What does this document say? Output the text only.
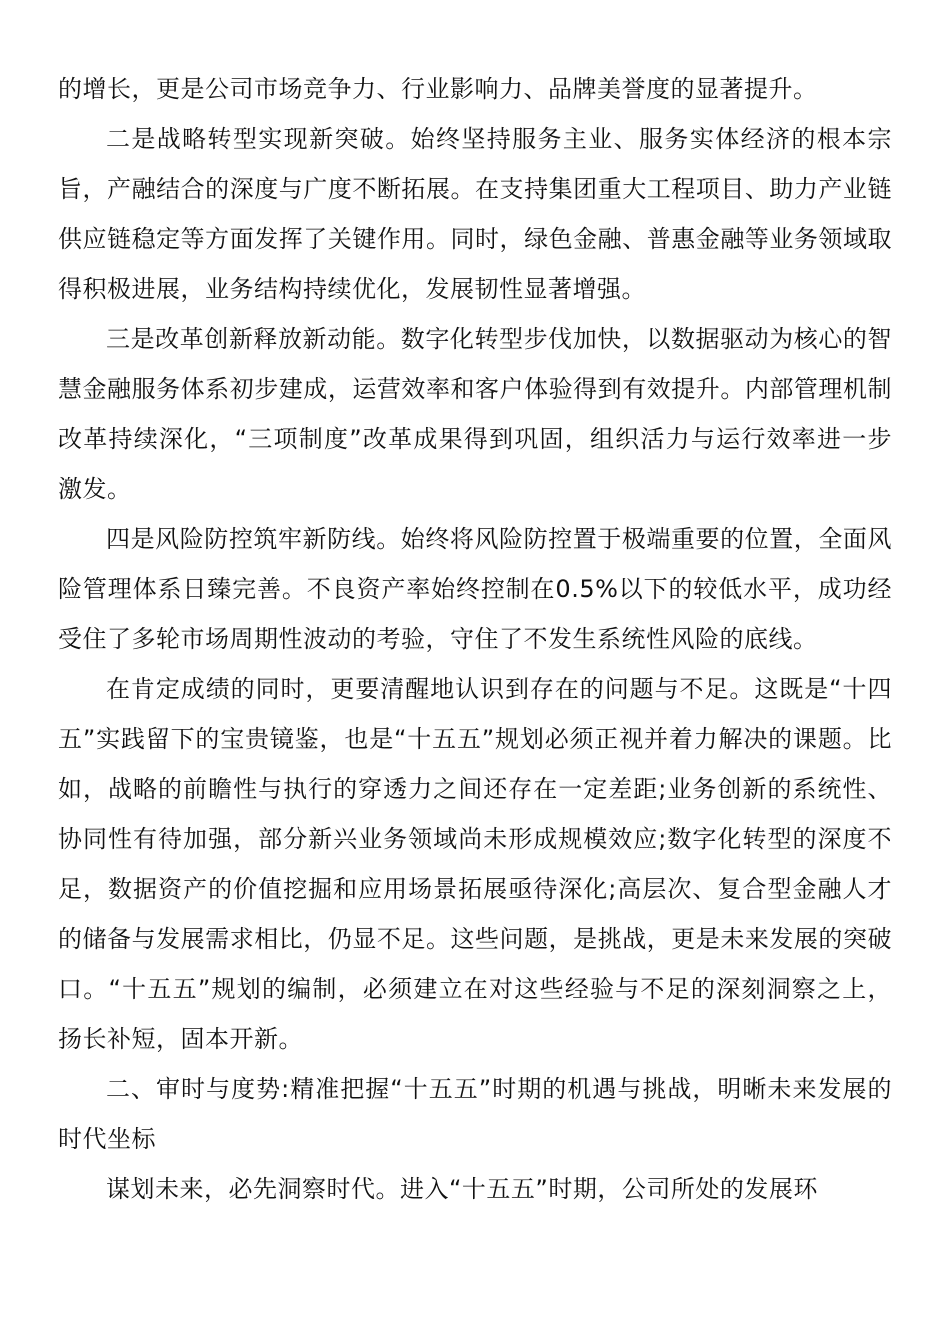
的增长，更是公司市场竞争力、行业影响力、品牌美誉度的显著提升。

二是战略转型实现新突破。始终坚持服务主业、服务实体经济的根本宗旨，产融结合的深度与广度不断拓展。在支持集团重大工程项目、助力产业链供应链稳定等方面发挥了关键作用。同时，绿色金融、普惠金融等业务领域取得积极进展，业务结构持续优化，发展韧性显著增强。

三是改革创新释放新动能。数字化转型步伐加快，以数据驱动为核心的智慧金融服务体系初步建成，运营效率和客户体验得到有效提升。内部管理机制改革持续深化，“三项制度”改革成果得到巩固，组织活力与运行效率进一步激发。

四是风险防控筑牢新防线。始终将风险防控置于极端重要的位置，全面风险管理体系日臻完善。不良资产率始终控制在0.5%以下的较低水平，成功经受住了多轮市场周期性波动的考验，守住了不发生系统性风险的底线。

在肯定成绩的同时，更要清醒地认识到存在的问题与不足。这既是“十四五”实践留下的宝贵镜鉴，也是“十五五”规划必须正视并着力解决的课题。比如，战略的前瞻性与执行的穿透力之间还存在一定差距;业务创新的系统性、协同性有待加强，部分新兴业务领域尚未形成规模效应;数字化转型的深度不足，数据资产的价值挖掘和应用场景拓展亟待深化;高层次、复合型金融人才的储备与发展需求相比，仍显不足。这些问题，是挑战，更是未来发展的突破口。“十五五”规划的编制，必须建立在对这些经验与不足的深刻洞察之上，扬长补短，固本开新。

二、审时与度势:精准把握“十五五”时期的机遇与挑战，明晰未来发展的时代坐标

谋划未来，必先洞察时代。进入“十五五”时期，公司所处的发展环
